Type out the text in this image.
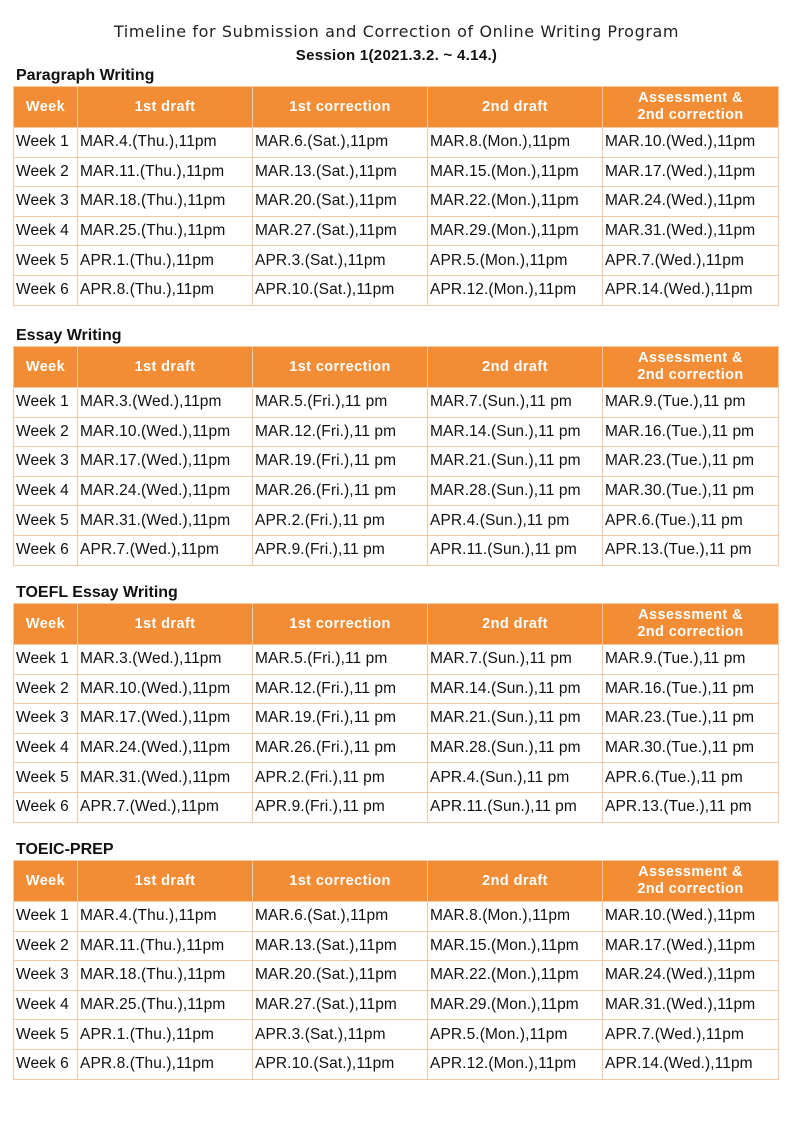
Timeline for Submission and Correction of Online Writing Program
Session 1(2021.3.2. ~ 4.14.)
Paragraph Writing
Week	1st draft	1st correction	2nd draft	Assessment &
2nd correction

Week 1	MAR.4.(Thu.),11pm	MAR.6.(Sat.),11pm	MAR.8.(Mon.),11pm	MAR.10.(Wed.),11pm
Week 2	MAR.11.(Thu.),11pm	MAR.13.(Sat.),11pm	MAR.15.(Mon.),11pm	MAR.17.(Wed.),11pm
Week 3	MAR.18.(Thu.),11pm	MAR.20.(Sat.),11pm	MAR.22.(Mon.),11pm	MAR.24.(Wed.),11pm
Week 4	MAR.25.(Thu.),11pm	MAR.27.(Sat.),11pm	MAR.29.(Mon.),11pm	MAR.31.(Wed.),11pm
Week 5	APR.1.(Thu.),11pm	APR.3.(Sat.),11pm	APR.5.(Mon.),11pm	APR.7.(Wed.),11pm
Week 6	APR.8.(Thu.),11pm	APR.10.(Sat.),11pm	APR.12.(Mon.),11pm	APR.14.(Wed.),11pm
Essay Writing
Week	1st draft	1st correction	2nd draft	Assessment &
2nd correction

Week 1	MAR.3.(Wed.),11pm	MAR.5.(Fri.),11 pm	MAR.7.(Sun.),11 pm	MAR.9.(Tue.),11 pm
Week 2	MAR.10.(Wed.),11pm	MAR.12.(Fri.),11 pm	MAR.14.(Sun.),11 pm	MAR.16.(Tue.),11 pm
Week 3	MAR.17.(Wed.),11pm	MAR.19.(Fri.),11 pm	MAR.21.(Sun.),11 pm	MAR.23.(Tue.),11 pm
Week 4	MAR.24.(Wed.),11pm	MAR.26.(Fri.),11 pm	MAR.28.(Sun.),11 pm	MAR.30.(Tue.),11 pm
Week 5	MAR.31.(Wed.),11pm	APR.2.(Fri.),11 pm	APR.4.(Sun.),11 pm	APR.6.(Tue.),11 pm
Week 6	APR.7.(Wed.),11pm	APR.9.(Fri.),11 pm	APR.11.(Sun.),11 pm	APR.13.(Tue.),11 pm
TOEFL Essay Writing
Week	1st draft	1st correction	2nd draft	Assessment &
2nd correction

Week 1	MAR.3.(Wed.),11pm	MAR.5.(Fri.),11 pm	MAR.7.(Sun.),11 pm	MAR.9.(Tue.),11 pm
Week 2	MAR.10.(Wed.),11pm	MAR.12.(Fri.),11 pm	MAR.14.(Sun.),11 pm	MAR.16.(Tue.),11 pm
Week 3	MAR.17.(Wed.),11pm	MAR.19.(Fri.),11 pm	MAR.21.(Sun.),11 pm	MAR.23.(Tue.),11 pm
Week 4	MAR.24.(Wed.),11pm	MAR.26.(Fri.),11 pm	MAR.28.(Sun.),11 pm	MAR.30.(Tue.),11 pm
Week 5	MAR.31.(Wed.),11pm	APR.2.(Fri.),11 pm	APR.4.(Sun.),11 pm	APR.6.(Tue.),11 pm
Week 6	APR.7.(Wed.),11pm	APR.9.(Fri.),11 pm	APR.11.(Sun.),11 pm	APR.13.(Tue.),11 pm
TOEIC-PREP
Week	1st draft	1st correction	2nd draft	Assessment &
2nd correction

Week 1	MAR.4.(Thu.),11pm	MAR.6.(Sat.),11pm	MAR.8.(Mon.),11pm	MAR.10.(Wed.),11pm
Week 2	MAR.11.(Thu.),11pm	MAR.13.(Sat.),11pm	MAR.15.(Mon.),11pm	MAR.17.(Wed.),11pm
Week 3	MAR.18.(Thu.),11pm	MAR.20.(Sat.),11pm	MAR.22.(Mon.),11pm	MAR.24.(Wed.),11pm
Week 4	MAR.25.(Thu.),11pm	MAR.27.(Sat.),11pm	MAR.29.(Mon.),11pm	MAR.31.(Wed.),11pm
Week 5	APR.1.(Thu.),11pm	APR.3.(Sat.),11pm	APR.5.(Mon.),11pm	APR.7.(Wed.),11pm
Week 6	APR.8.(Thu.),11pm	APR.10.(Sat.),11pm	APR.12.(Mon.),11pm	APR.14.(Wed.),11pm
